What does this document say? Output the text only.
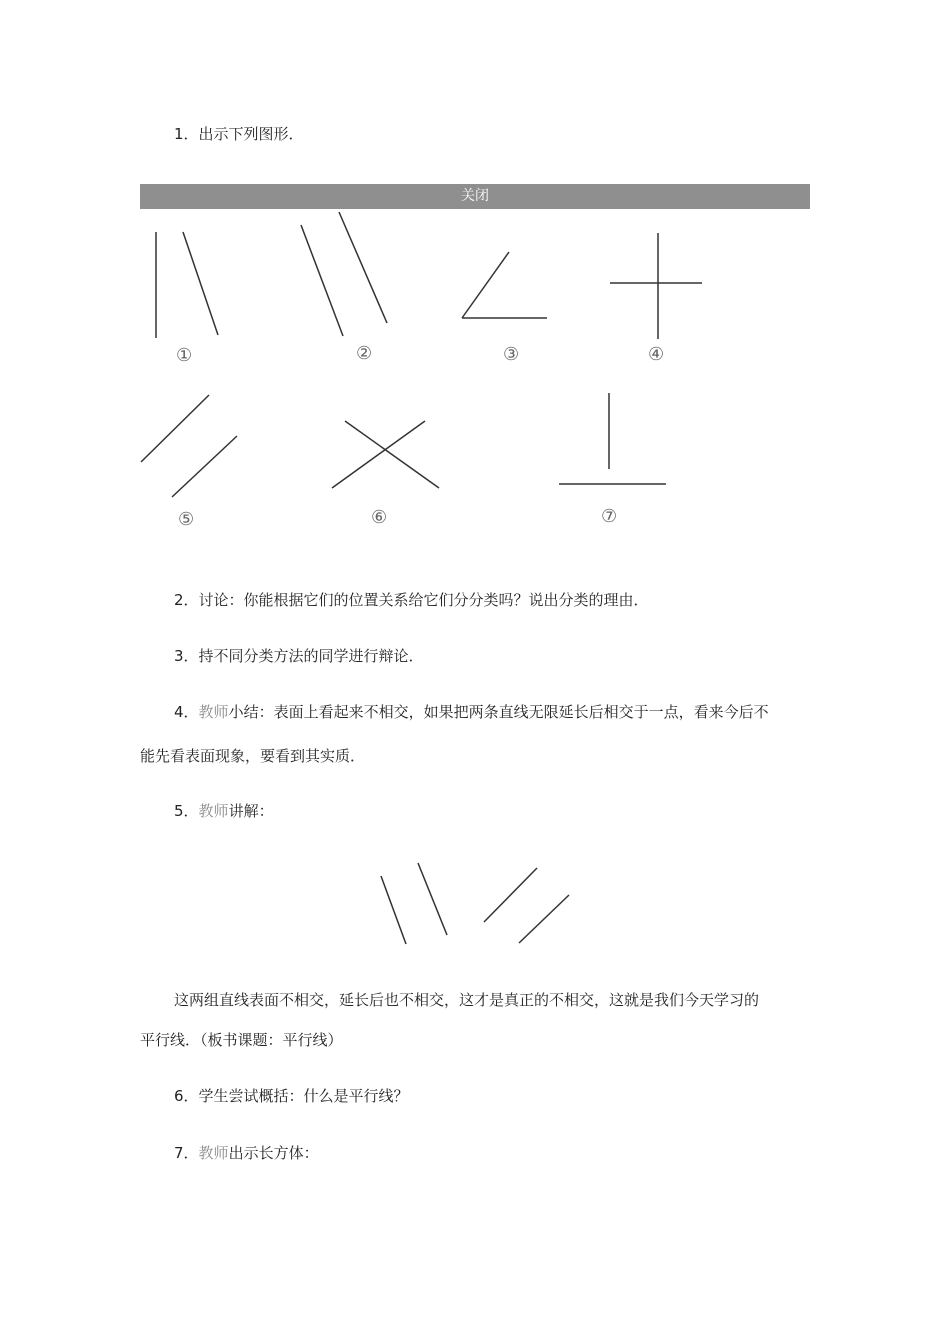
1．出示下列图形．
关闭
①	②	③	④
⑤	⑥	⑦
2．讨论：你能根据它们的位置关系给它们分分类吗？说出分类的理由．
3．持不同分类方法的同学进行辩论．
4．教师小结：表面上看起来不相交，如果把两条直线无限延长后相交于一点，看来今后不
能先看表面现象，要看到其实质．
5．教师讲解：
这两组直线表面不相交，延长后也不相交，这才是真正的不相交，这就是我们今天学习的
平行线．（板书课题：平行线）
6．学生尝试概括：什么是平行线？
7．教师出示长方体：
